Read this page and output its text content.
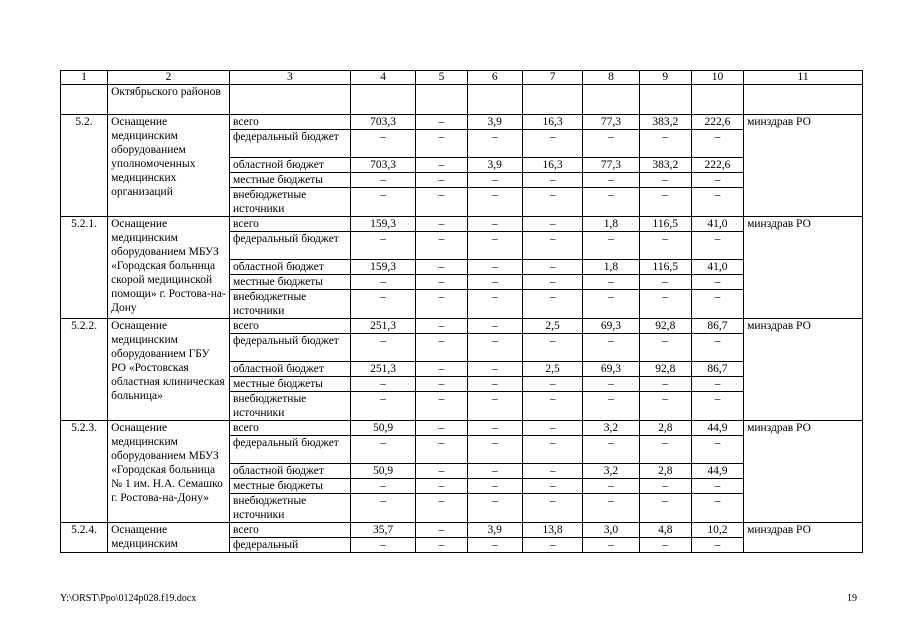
1	2	3	4	5	6	7	8	9	10	11
	Октябрьского районов									
5.2.	Оснащение медицинским оборудованием уполномоченных медицинских организаций	всего	703,3	–	3,9	16,3	77,3	383,2	222,6	минздрав РО
		федеральный бюджет	–	–	–	–	–	–	–	
		областной бюджет	703,3	–	3,9	16,3	77,3	383,2	222,6	
		местные бюджеты	–	–	–	–	–	–	–	
		внебюджетные источники	–	–	–	–	–	–	–	
5.2.1.	Оснащение медицинским оборудованием МБУЗ «Городская больница скорой медицинской помощи» г. Ростова-на-Дону	всего	159,3	–	–	–	1,8	116,5	41,0	минздрав РО
		федеральный бюджет	–	–	–	–	–	–	–	
		областной бюджет	159,3	–	–	–	1,8	116,5	41,0	
		местные бюджеты	–	–	–	–	–	–	–	
		внебюджетные источники	–	–	–	–	–	–	–	
5.2.2.	Оснащение медицинским оборудованием ГБУ РО «Ростовская областная клиническая больница»	всего	251,3	–	–	2,5	69,3	92,8	86,7	минздрав РО
		федеральный бюджет	–	–	–	–	–	–	–	
		областной бюджет	251,3	–	–	2,5	69,3	92,8	86,7	
		местные бюджеты	–	–	–	–	–	–	–	
		внебюджетные источники	–	–	–	–	–	–	–	
5.2.3.	Оснащение медицинским оборудованием МБУЗ «Городская больница № 1 им. Н.А. Семашко г. Ростова-на-Дону»	всего	50,9	–	–	–	3,2	2,8	44,9	минздрав РО
		федеральный бюджет	–	–	–	–	–	–	–	
		областной бюджет	50,9	–	–	–	3,2	2,8	44,9	
		местные бюджеты	–	–	–	–	–	–	–	
		внебюджетные источники	–	–	–	–	–	–	–	
5.2.4.	Оснащение медицинским	всего	35,7	–	3,9	13,8	3,0	4,8	10,2	минздрав РО
		федеральный	–	–	–	–	–	–	–	
Y:\ORST\Ppo\0124p028.f19.docx	19
